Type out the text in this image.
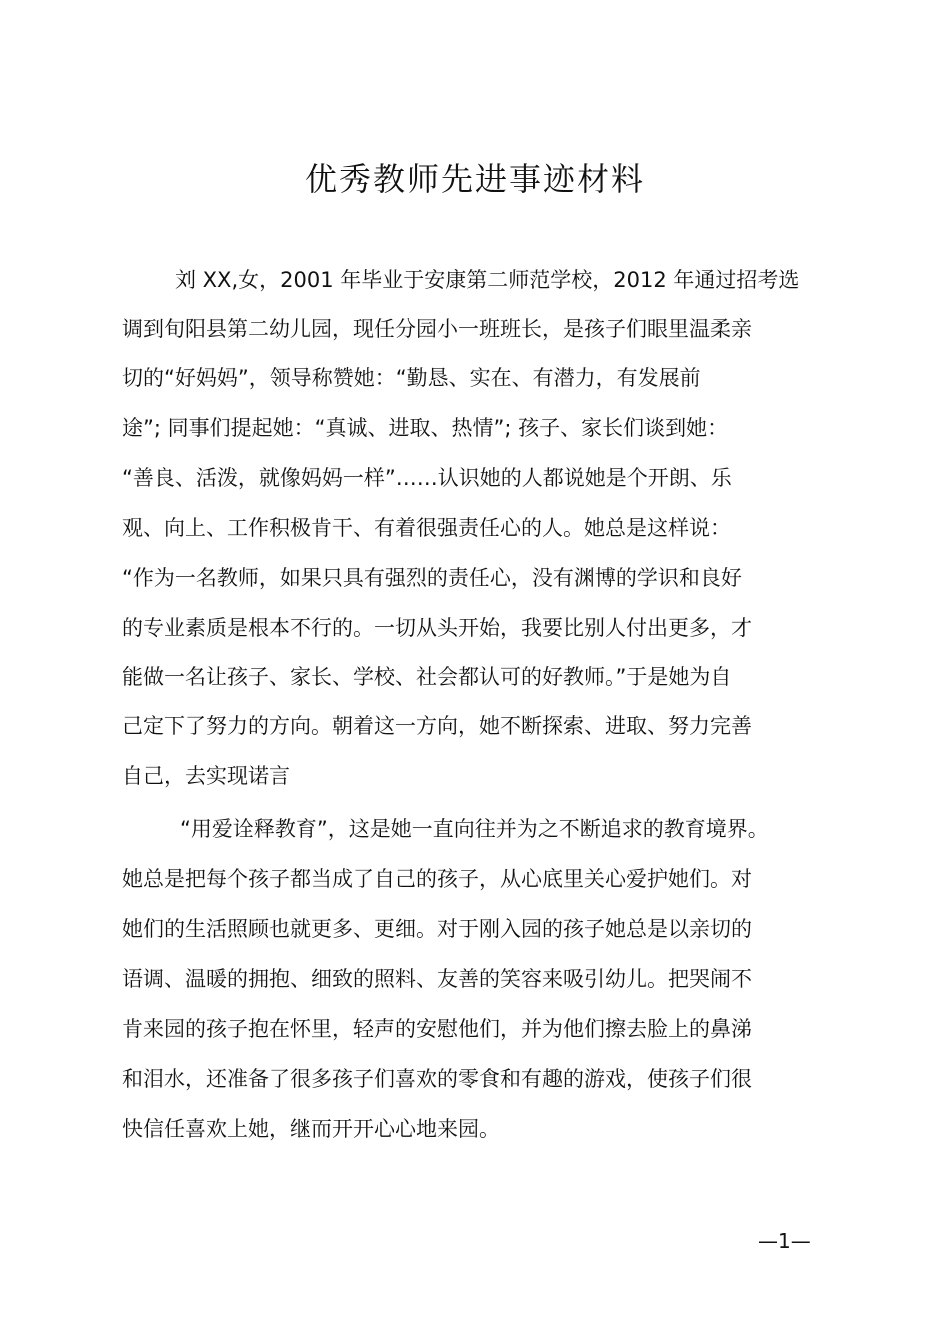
优秀教师先进事迹材料
刘 XX,女，2001 年毕业于安康第二师范学校，2012 年通过招考选
调到旬阳县第二幼儿园，现任分园小一班班长，是孩子们眼里温柔亲
切的“好妈妈”，领导称赞她：“勤恳、实在、有潜力，有发展前
途”; 同事们提起她：“真诚、进取、热情”; 孩子、家长们谈到她：
“善良、活泼，就像妈妈一样”……认识她的人都说她是个开朗、乐
观、向上、工作积极肯干、有着很强责任心的人。她总是这样说：
“作为一名教师，如果只具有强烈的责任心，没有渊博的学识和良好
的专业素质是根本不行的。一切从头开始，我要比别人付出更多，才
能做一名让孩子、家长、学校、社会都认可的好教师。”于是她为自
己定下了努力的方向。朝着这一方向，她不断探索、进取、努力完善
自己，去实现诺言
“用爱诠释教育”，这是她一直向往并为之不断追求的教育境界。
她总是把每个孩子都当成了自己的孩子，从心底里关心爱护她们。对
她们的生活照顾也就更多、更细。对于刚入园的孩子她总是以亲切的
语调、温暖的拥抱、细致的照料、友善的笑容来吸引幼儿。把哭闹不
肯来园的孩子抱在怀里，轻声的安慰他们，并为他们擦去脸上的鼻涕
和泪水，还准备了很多孩子们喜欢的零食和有趣的游戏，使孩子们很
快信任喜欢上她，继而开开心心地来园。
—1—
